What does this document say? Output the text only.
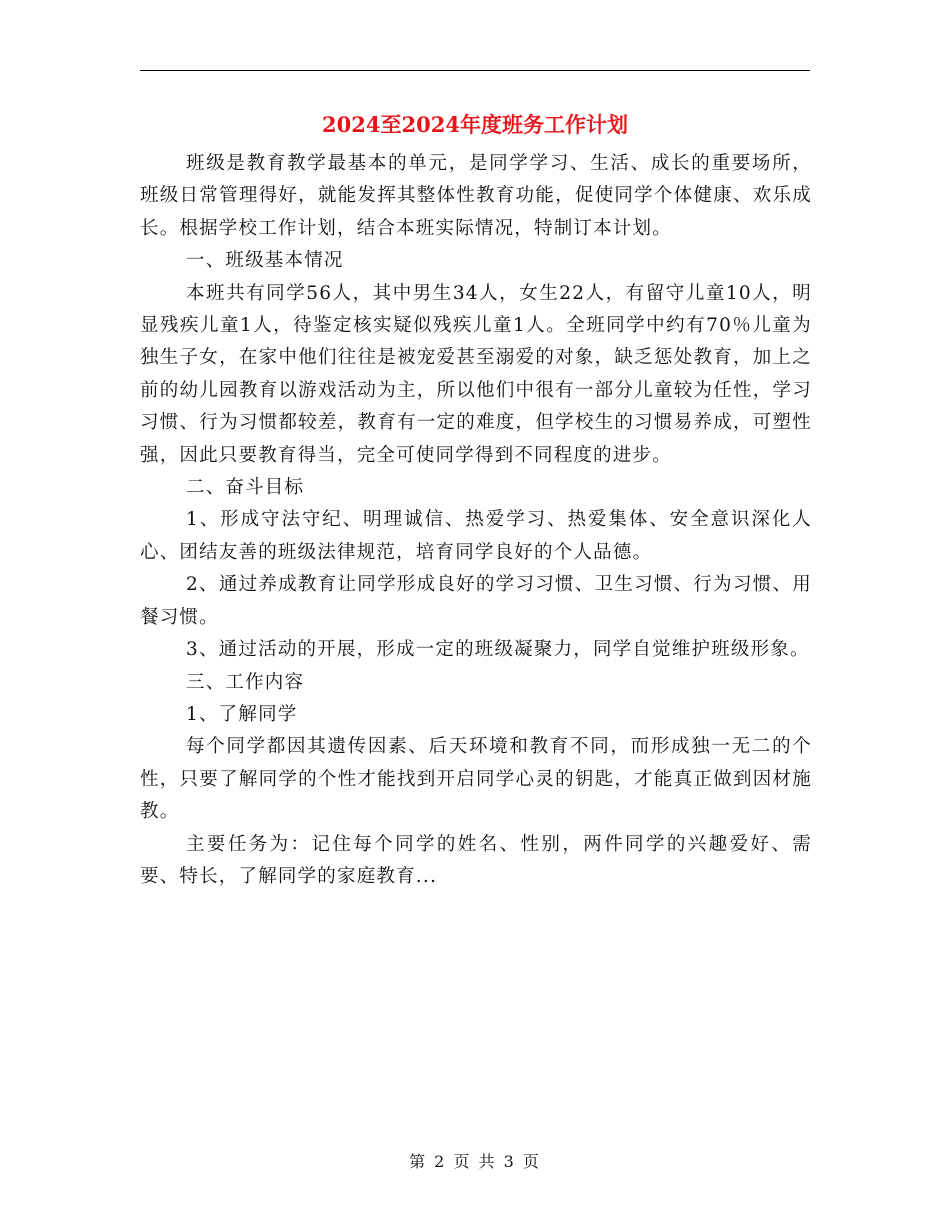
2024至2024年度班务工作计划

班级是教育教学最基本的单元，是同学学习、生活、成长的重要场所，班级日常管理得好，就能发挥其整体性教育功能，促使同学个体健康、欢乐成长。根据学校工作计划，结合本班实际情况，特制订本计划。

一、班级基本情况

本班共有同学56人，其中男生34人，女生22人，有留守儿童10人，明显残疾儿童1人，待鉴定核实疑似残疾儿童1人。全班同学中约有70％儿童为独生子女，在家中他们往往是被宠爱甚至溺爱的对象，缺乏惩处教育，加上之前的幼儿园教育以游戏活动为主，所以他们中很有一部分儿童较为任性，学习习惯、行为习惯都较差，教育有一定的难度，但学校生的习惯易养成，可塑性强，因此只要教育得当，完全可使同学得到不同程度的进步。

二、奋斗目标

1、形成守法守纪、明理诚信、热爱学习、热爱集体、安全意识深化人心、团结友善的班级法律规范，培育同学良好的个人品德。

2、通过养成教育让同学形成良好的学习习惯、卫生习惯、行为习惯、用餐习惯。

3、通过活动的开展，形成一定的班级凝聚力，同学自觉维护班级形象。

三、工作内容

1、了解同学

每个同学都因其遗传因素、后天环境和教育不同，而形成独一无二的个性，只要了解同学的个性才能找到开启同学心灵的钥匙，才能真正做到因材施教。

主要任务为：记住每个同学的姓名、性别，两件同学的兴趣爱好、需要、特长，了解同学的家庭教育...

第 2 页 共 3 页
